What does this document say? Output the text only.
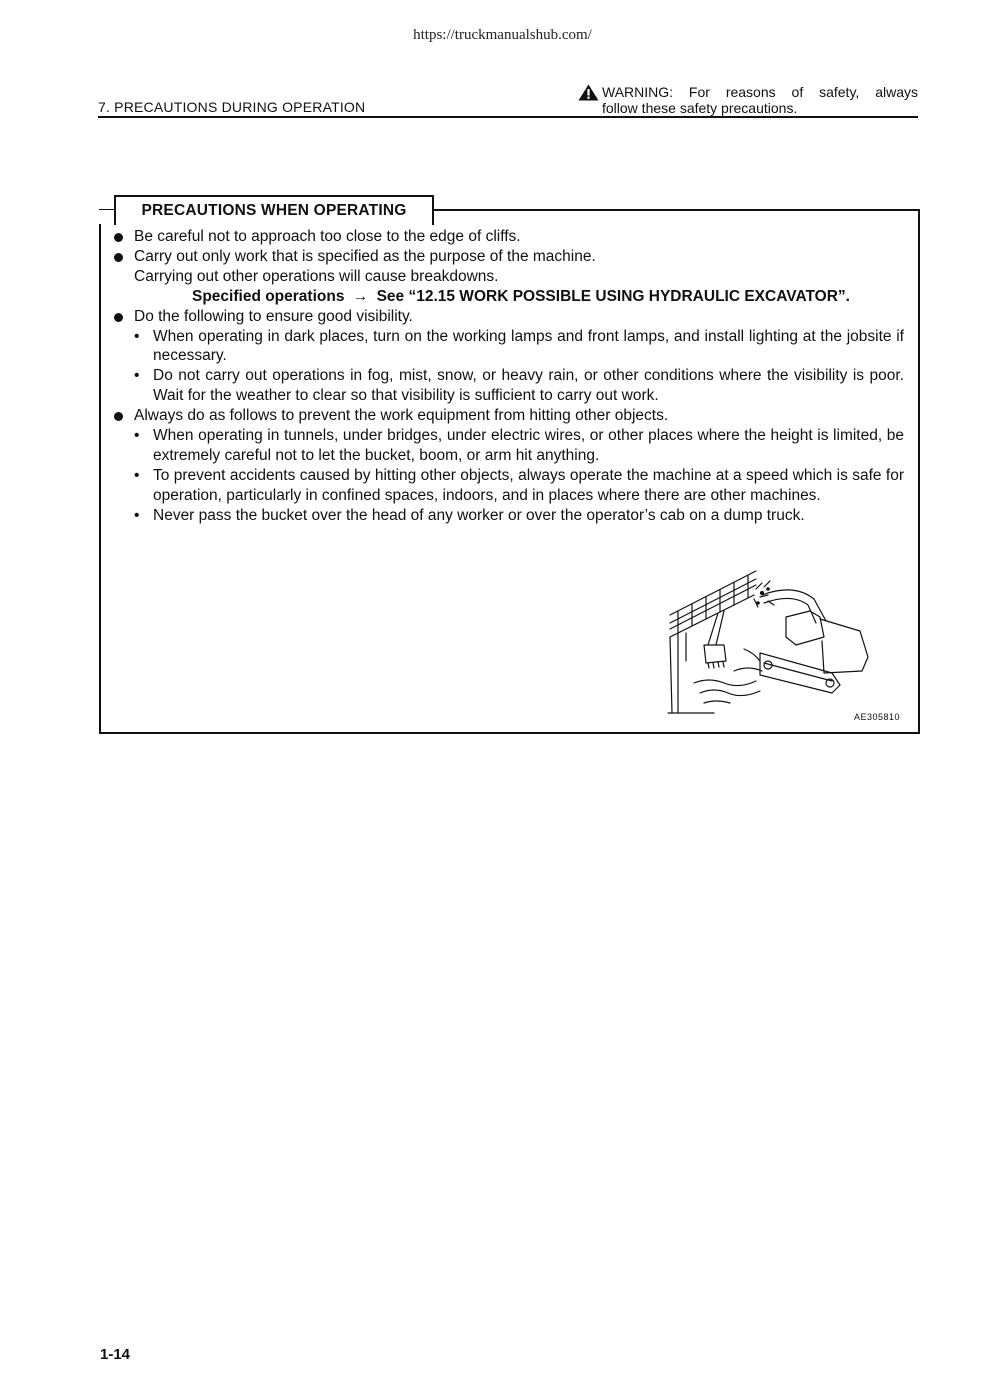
https://truckmanualshub.com/
7. PRECAUTIONS DURING OPERATION
WARNING: For reasons of safety, always
follow these safety precautions.
PRECAUTIONS WHEN OPERATING
Be careful not to approach too close to the edge of cliffs.
Carry out only work that is specified as the purpose of the machine.
Carrying out other operations will cause breakdowns.
Specified operations → See “12.15 WORK POSSIBLE USING HYDRAULIC EXCAVATOR”.
Do the following to ensure good visibility.
• When operating in dark places, turn on the working lamps and front lamps, and install lighting at the jobsite if necessary.
• Do not carry out operations in fog, mist, snow, or heavy rain, or other conditions where the visibility is poor. Wait for the weather to clear so that visibility is sufficient to carry out work.
Always do as follows to prevent the work equipment from hitting other objects.
• When operating in tunnels, under bridges, under electric wires, or other places where the height is limited, be extremely careful not to let the bucket, boom, or arm hit anything.
• To prevent accidents caused by hitting other objects, always operate the machine at a speed which is safe for operation, particularly in confined spaces, indoors, and in places where there are other machines.
• Never pass the bucket over the head of any worker or over the operator’s cab on a dump truck.
AE305810
1-14
